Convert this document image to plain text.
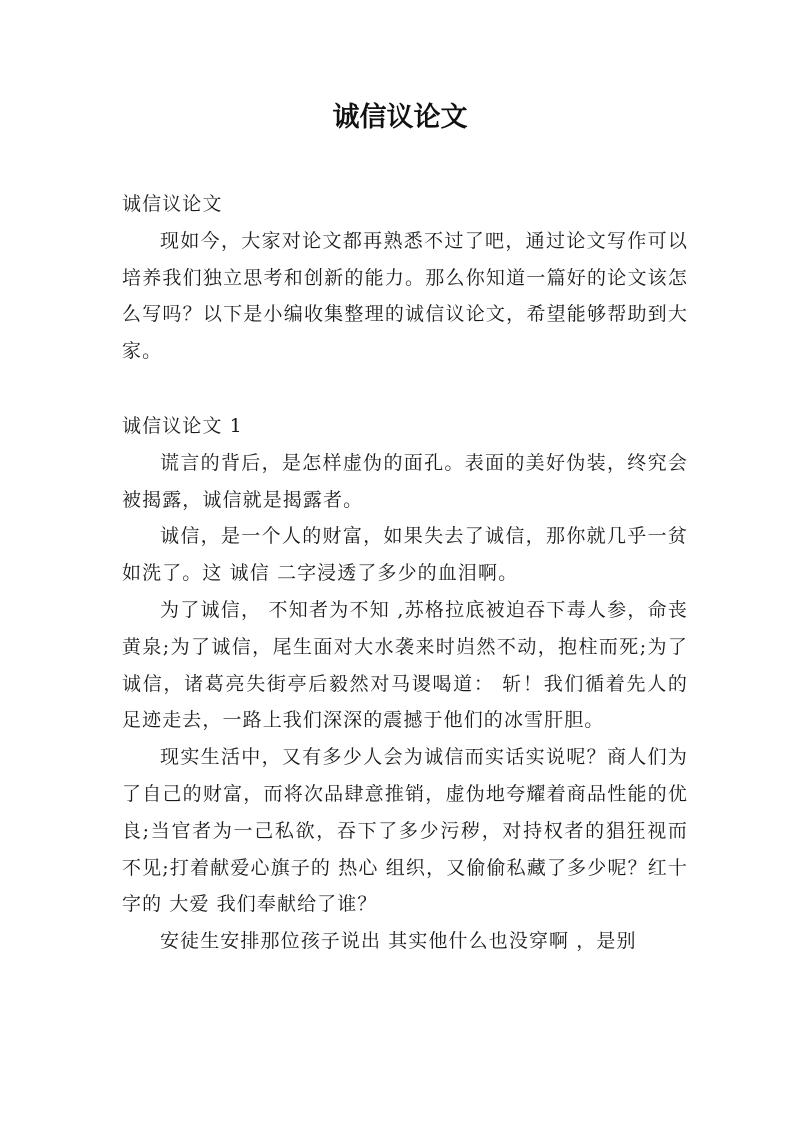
诚信议论文

诚信议论文

现如今，大家对论文都再熟悉不过了吧，通过论文写作可以培养我们独立思考和创新的能力。那么你知道一篇好的论文该怎么写吗？以下是小编收集整理的诚信议论文，希望能够帮助到大家。

诚信议论文 1

谎言的背后，是怎样虚伪的面孔。表面的美好伪装，终究会被揭露，诚信就是揭露者。

诚信，是一个人的财富，如果失去了诚信，那你就几乎一贫如洗了。这 诚信 二字浸透了多少的血泪啊。

为了诚信， 不知者为不知 ,苏格拉底被迫吞下毒人参，命丧黄泉;为了诚信，尾生面对大水袭来时岿然不动，抱柱而死;为了诚信，诸葛亮失街亭后毅然对马谡喝道： 斩！我们循着先人的足迹走去，一路上我们深深的震撼于他们的冰雪肝胆。

现实生活中，又有多少人会为诚信而实话实说呢？商人们为了自己的财富，而将次品肆意推销，虚伪地夸耀着商品性能的优良;当官者为一己私欲，吞下了多少污秽，对持权者的猖狂视而不见;打着献爱心旗子的 热心 组织，又偷偷私藏了多少呢？红十字的 大爱 我们奉献给了谁？

安徒生安排那位孩子说出 其实他什么也没穿啊 ，是别
